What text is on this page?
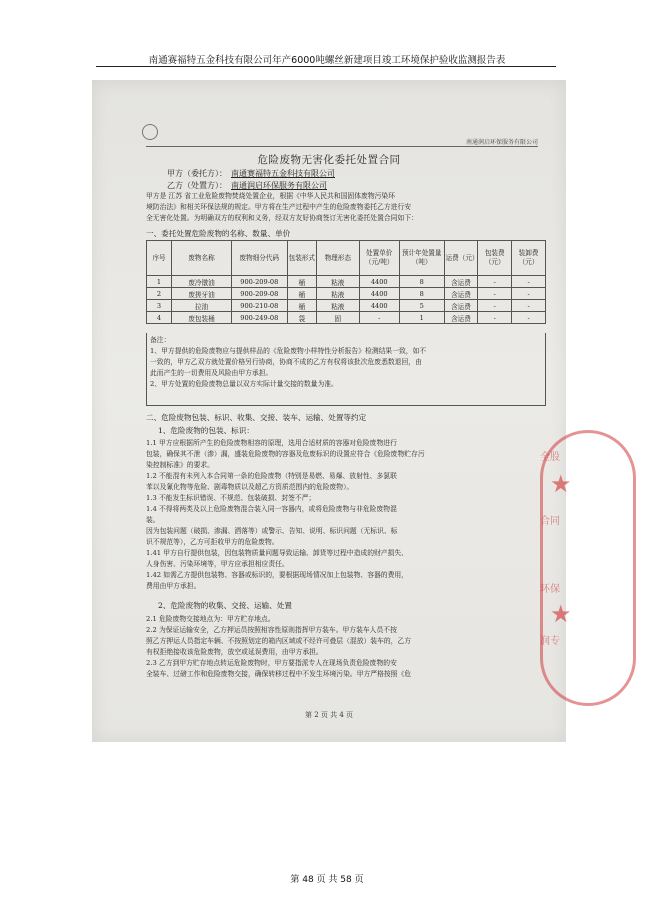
南通赛福特五金科技有限公司年产6000吨螺丝新建项目竣工环境保护验收监测报告表
南通润启环保服务有限公司
危险废物无害化委托处置合同
甲方（委托方）： 南通赛福特五金科技有限公司
乙方（处置方）： 南通润启环保服务有限公司
甲方是 江苏 省工业危险废物焚烧处置企业，根据《中华人民共和国固体废物污染环
境防治法》和相关环保法规的规定。甲方将在生产过程中产生的危险废物委托乙方进行安
全无害化处置。为明确双方的权利和义务，经双方友好协商签订无害化委托处置合同如下：
一、委托处置危险废物的名称、数量、单价
序号	废物名称	废物细分代码	包装形式	物理形态	处置单价（元/吨）	预计年处置量（吨）	运费（元）	包装费（元）	装卸费（元）
1	废冷镦油	900-209-08	桶	粘液	4400	8	含运费	-	-
2	废搓牙油	900-209-08	桶	粘液	4400	8	含运费	-	-
3	拉油	900-210-08	桶	粘液	4400	5	含运费	-	-
4	废包装桶	900-249-08	袋	固	-	1	含运费	-	-
备注：
1、甲方提供的危险废物应与提供样品的《危险废物小样特性分析报告》检测结果一致，如不
一致的，甲方乙双方就处置价格另行协商，协商不成的乙方有权将该批次危废悉数退回，由
此而产生的一切费用及风险由甲方承担。
2、甲方处置的危险废物总量以双方实际计量交接的数量为准。
二、危险废物包装、标识、收集、交接、装车、运输、处置等约定
1、危险废物的包装、标识：
1.1 甲方应根据所产生的危险废物相容的原理，选用合适材质的容器对危险废物进行
包装，确保其不泄（渗）漏，盛装危险废物的容器及危废标识的设置应符合《危险废物贮存污
染控制标准》的要求。
1.2 不能混有未列入本合同第一条的危险废物（特别是易燃、易爆、放射性、多氯联
苯以及氰化物等危险、剧毒物质以及超乙方资质范围内的危险废物）。
1.3 不能发生标识错误、不规范、包装破损、封签不严；
1.4 不得将两类及以上危险废物混合装入同一容器内，或将危险废物与非危险废物混
装。
因为包装问题（破损、渗漏、洒落等）或警示、告知、说明、标识问题（无标识、标
识不规范等），乙方可拒收甲方的危险废物。
1.41 甲方自行提供包装，因包装物质量问题导致运输、卸货等过程中造成的财产损失、
人身伤害、污染环境等，甲方应承担相应责任。
1.42 如需乙方提供包装物、容器或标识的，要根据现场情况加上包装物、容器的费用，
费用由甲方承担。
2、危险废物的收集、交接、运输、处置
2.1 危险废物交接地点为：甲方贮存地点。
2.2 为保证运输安全，乙方押运员按照相容性原则指挥甲方装车。甲方装车人员不按
照乙方押运人员指定车辆、不按照划定的箱内区域或不经许可叠层（混放）装车的，乙方
有权拒绝接收该危险废物，放空或延误费用，由甲方承担。
2.3 乙方到甲方贮存地点转运危险废物时，甲方要指派专人在现场负责危险废物的安
全装车、过磅工作和危险废物交接，确保转移过程中不发生环境污染。甲方严格按照《危
第 2 页 共 4 页
★
★
全股
合同
环保
润专
第 48 页 共 58 页
